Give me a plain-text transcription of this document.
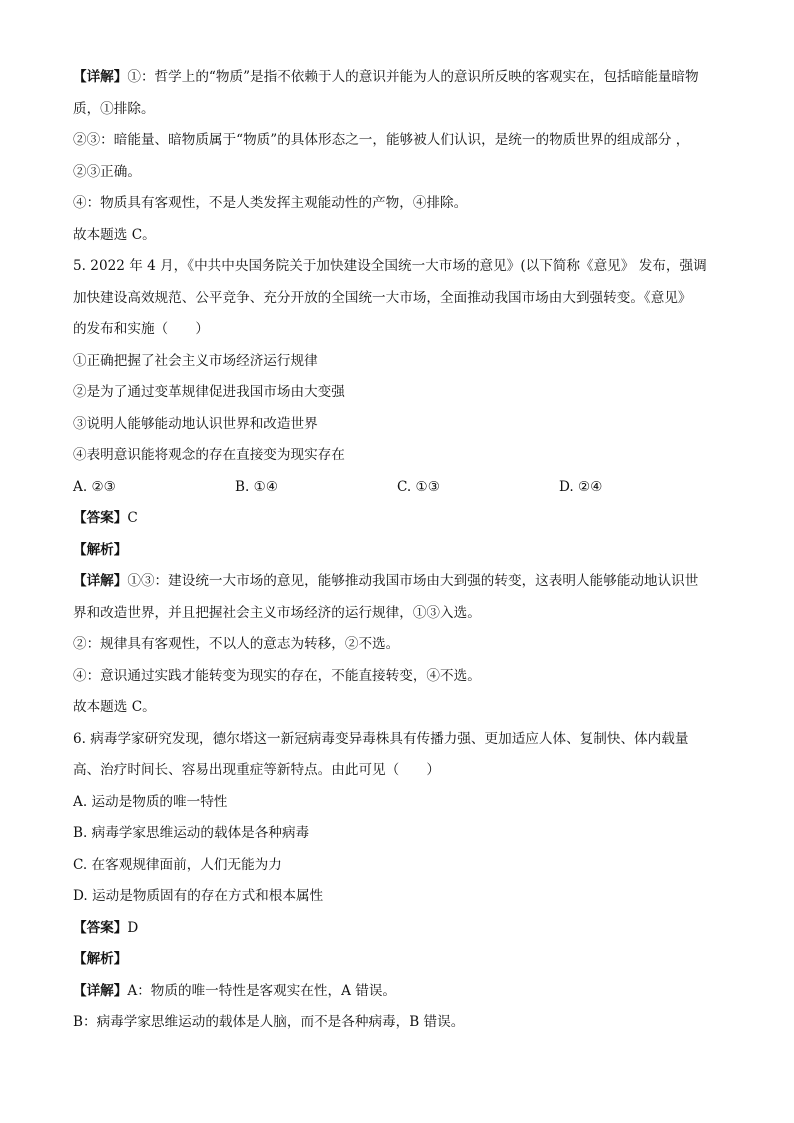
【详解】①：哲学上的“物质”是指不依赖于人的意识并能为人的意识所反映的客观实在，包括暗能量暗物
质，①排除。
②③：暗能量、暗物质属于“物质”的具体形态之一，能够被人们认识，是统一的物质世界的组成部分 ，
②③正确。
④：物质具有客观性，不是人类发挥主观能动性的产物，④排除。
故本题选 C。
5. 2022 年 4 月，《中共中央国务院关于加快建设全国统一大市场的意见》(以下简称《意见》 发布，强调
加快建设高效规范、公平竞争、充分开放的全国统一大市场，全面推动我国市场由大到强转变。《意见》
的发布和实施（　　）
①正确把握了社会主义市场经济运行规律
②是为了通过变革规律促进我国市场由大变强
③说明人能够能动地认识世界和改造世界
④表明意识能将观念的存在直接变为现实存在
A. ②③	B. ①④	C. ①③	D. ②④
【答案】C
【解析】
【详解】①③：建设统一大市场的意见，能够推动我国市场由大到强的转变，这表明人能够能动地认识世
界和改造世界，并且把握社会主义市场经济的运行规律，①③入选。
②：规律具有客观性，不以人的意志为转移，②不选。
④：意识通过实践才能转变为现实的存在，不能直接转变，④不选。
故本题选 C。
6. 病毒学家研究发现，德尔塔这一新冠病毒变异毒株具有传播力强、更加适应人体、复制快、体内载量
高、治疗时间长、容易出现重症等新特点。由此可见（　　）
A. 运动是物质的唯一特性
B. 病毒学家思维运动的载体是各种病毒
C. 在客观规律面前，人们无能为力
D. 运动是物质固有的存在方式和根本属性
【答案】D
【解析】
【详解】A：物质的唯一特性是客观实在性，A 错误。
B：病毒学家思维运动的载体是人脑，而不是各种病毒，B 错误。
